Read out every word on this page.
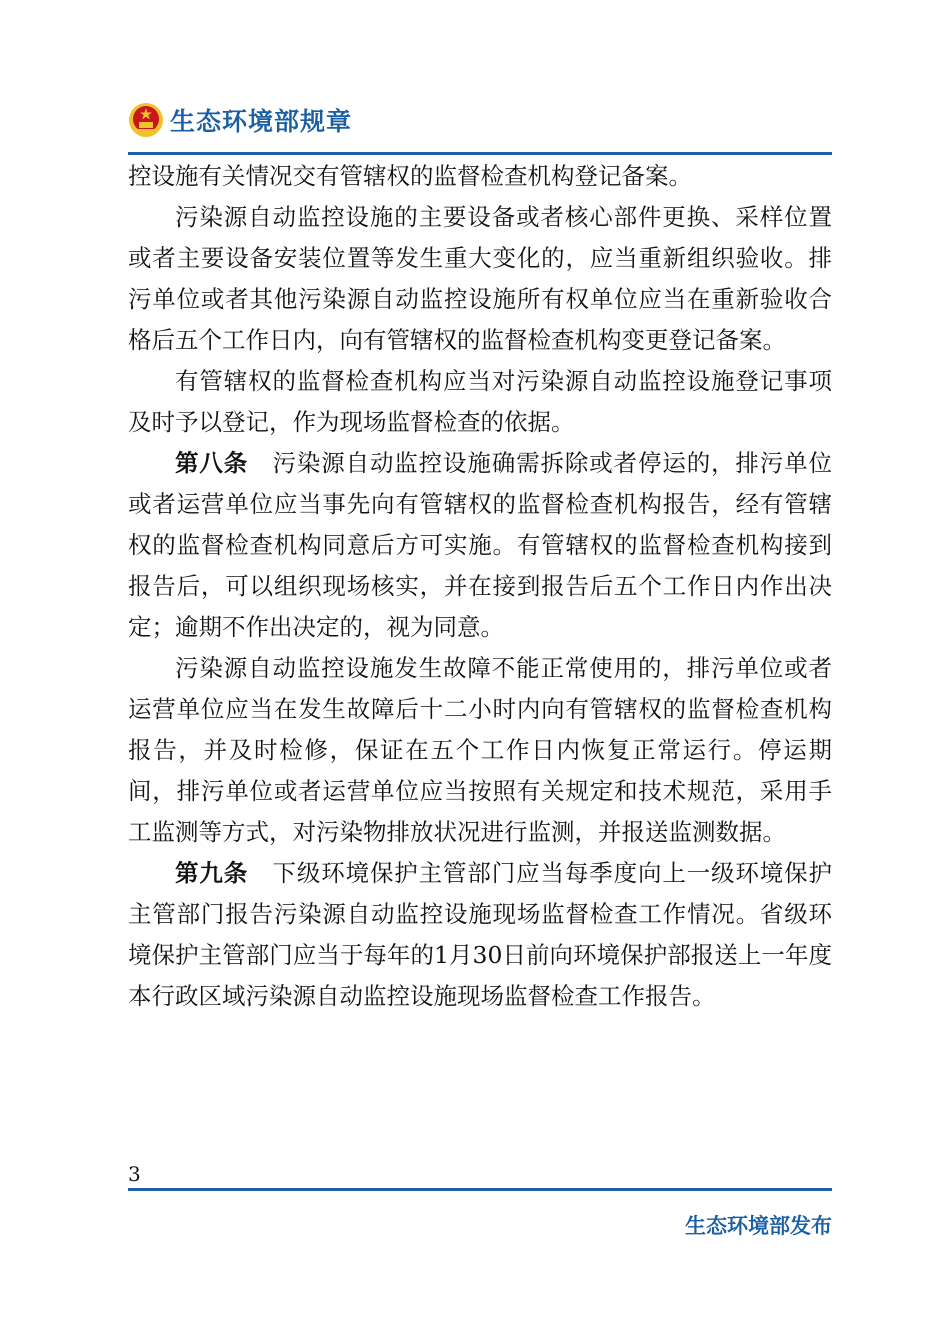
生态环境部规章

控设施有关情况交有管辖权的监督检查机构登记备案。

污染源自动监控设施的主要设备或者核心部件更换、采样位置或者主要设备安装位置等发生重大变化的，应当重新组织验收。排污单位或者其他污染源自动监控设施所有权单位应当在重新验收合格后五个工作日内，向有管辖权的监督检查机构变更登记备案。

有管辖权的监督检查机构应当对污染源自动监控设施登记事项及时予以登记，作为现场监督检查的依据。

第八条　 污染源自动监控设施确需拆除或者停运的，排污单位或者运营单位应当事先向有管辖权的监督检查机构报告，经有管辖权的监督检查机构同意后方可实施。有管辖权的监督检查机构接到报告后，可以组织现场核实，并在接到报告后五个工作日内作出决定；逾期不作出决定的，视为同意。

污染源自动监控设施发生故障不能正常使用的，排污单位或者运营单位应当在发生故障后十二小时内向有管辖权的监督检查机构报告，并及时检修，保证在五个工作日内恢复正常运行。停运期间，排污单位或者运营单位应当按照有关规定和技术规范，采用手工监测等方式，对污染物排放状况进行监测，并报送监测数据。

第九条　 下级环境保护主管部门应当每季度向上一级环境保护主管部门报告污染源自动监控设施现场监督检查工作情况。省级环境保护主管部门应当于每年的1月30日前向环境保护部报送上一年度本行政区域污染源自动监控设施现场监督检查工作报告。

3
生态环境部发布
